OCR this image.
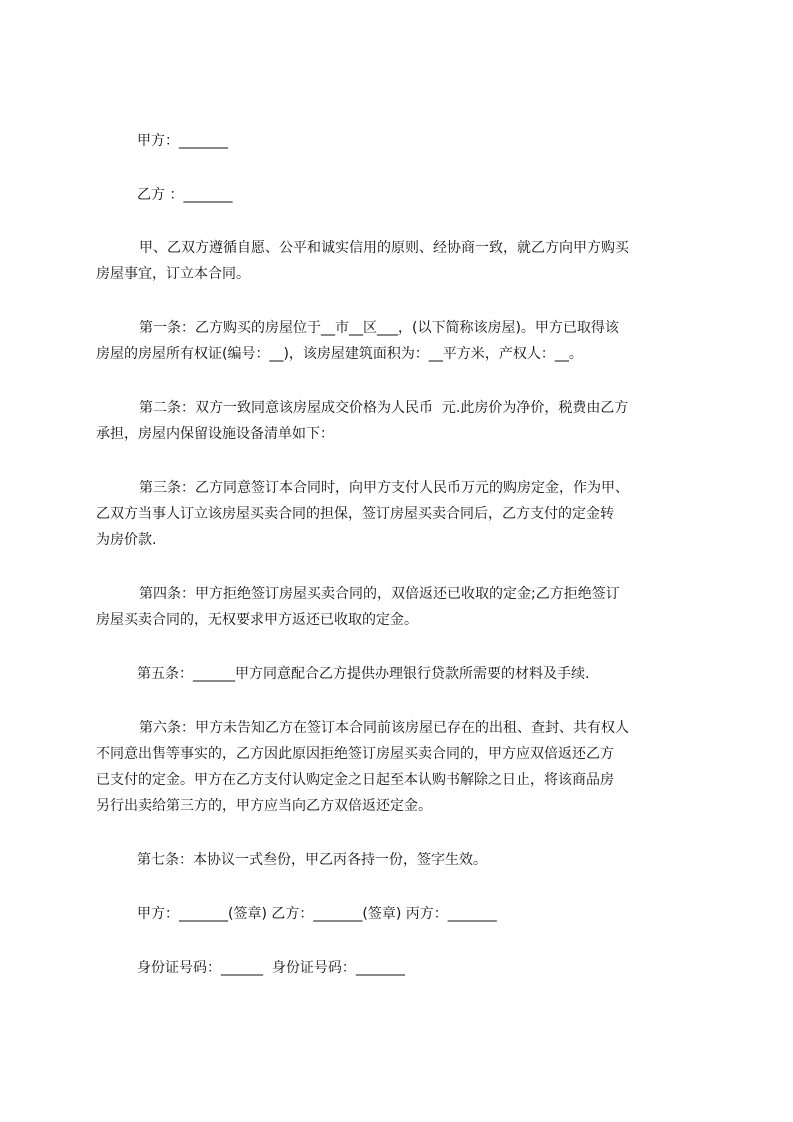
甲方：_______
乙方 ：_______
甲、乙双方遵循自愿、公平和诚实信用的原则、经协商一致，就乙方向甲方购买
房屋事宜，订立本合同。
第一条：乙方购买的房屋位于__市__区___，(以下简称该房屋)。甲方已取得该
房屋的房屋所有权证(编号：__)，该房屋建筑面积为：__平方米，产权人：__。
第二条：双方一致同意该房屋成交价格为人民币  元.此房价为净价，税费由乙方
承担，房屋内保留设施设备清单如下：
第三条：乙方同意签订本合同时，向甲方支付人民币万元的购房定金，作为甲、
乙双方当事人订立该房屋买卖合同的担保，签订房屋买卖合同后，乙方支付的定金转
为房价款.
第四条：甲方拒绝签订房屋买卖合同的，双倍返还已收取的定金;乙方拒绝签订
房屋买卖合同的，无权要求甲方返还已收取的定金。
第五条：______甲方同意配合乙方提供办理银行贷款所需要的材料及手续.
第六条：甲方未告知乙方在签订本合同前该房屋已存在的出租、查封、共有权人
不同意出售等事实的，乙方因此原因拒绝签订房屋买卖合同的，甲方应双倍返还乙方
已支付的定金。甲方在乙方支付认购定金之日起至本认购书解除之日止，将该商品房
另行出卖给第三方的，甲方应当向乙方双倍返还定金。
第七条：本协议一式叁份，甲乙丙各持一份，签字生效。
甲方：_______(签章) 乙方：_______(签章) 丙方：_______
身份证号码：______  身份证号码：_______
